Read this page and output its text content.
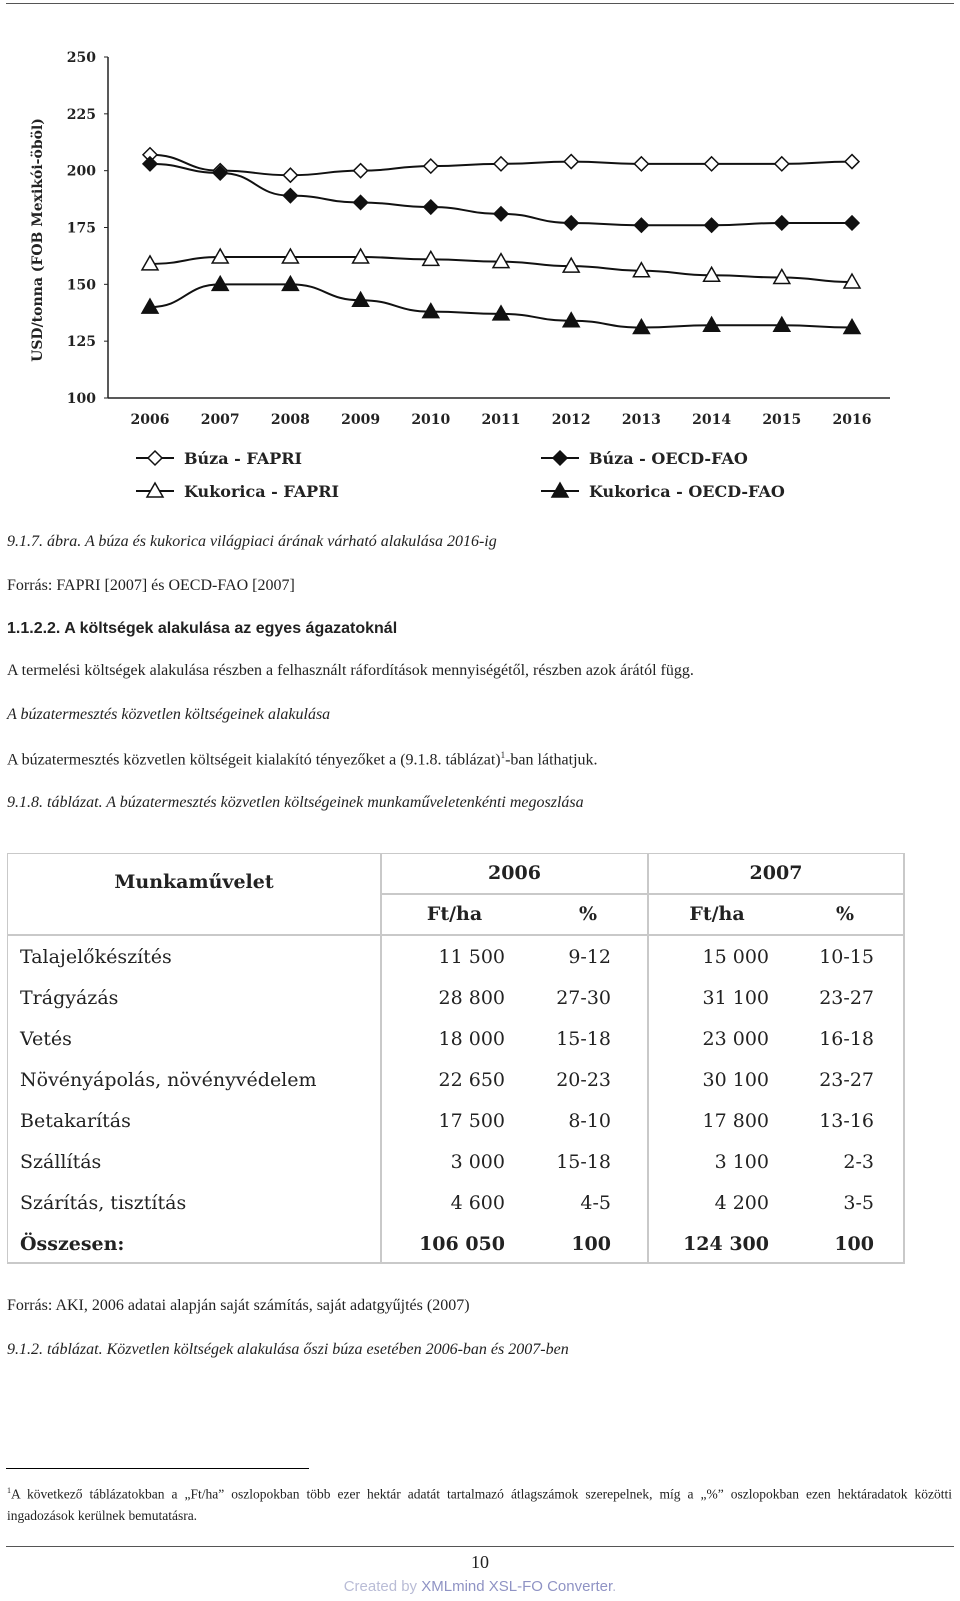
250
225
200
175
150
125
100
2006 2007 2008 2009 2010 2011 2012 2013 2014 2015 2016
USD/tonna (FOB Mexikói-öböl)
Búza - FAPRI	Búza - OECD-FAO
Kukorica - FAPRI	Kukorica - OECD-FAO
9.1.7. ábra. A búza és kukorica világpiaci árának várható alakulása 2016-ig
Forrás: FAPRI [2007] és OECD-FAO [2007]
1.1.2.2. A költségek alakulása az egyes ágazatoknál
A termelési költségek alakulása részben a felhasznált ráfordítások mennyiségétől, részben azok árától függ.
A búzatermesztés közvetlen költségeinek alakulása
A búzatermesztés közvetlen költségeit kialakító tényezőket a (9.1.8. táblázat)$^1$-ban láthatjuk.
9.1.8. táblázat. A búzatermesztés közvetlen költségeinek munkaműveletenkénti megoszlása
Munkaművelet	2006	2007
Ft/ha	%	Ft/ha	%
Talajelőkészítés	11 500	9-12	15 000	10-15
Trágyázás	28 800	27-30	31 100	23-27
Vetés	18 000	15-18	23 000	16-18
Növényápolás, növényvédelem	22 650	20-23	30 100	23-27
Betakarítás	17 500	8-10	17 800	13-16
Szállítás	3 000	15-18	3 100	2-3
Szárítás, tisztítás	4 600	4-5	4 200	3-5
Összesen:	106 050	100	124 300	100
Forrás: AKI, 2006 adatai alapján saját számítás, saját adatgyűjtés (2007)
9.1.2. táblázat. Közvetlen költségek alakulása őszi búza esetében 2006-ban és 2007-ben
$^1$A következő táblázatokban a „Ft/ha” oszlopokban több ezer hektár adatát tartalmazó átlagszámok szerepelnek, míg a „%” oszlopokban ezen hektáradatok közötti ingadozások kerülnek bemutatásra.
10
Created by XMLmind XSL-FO Converter.
